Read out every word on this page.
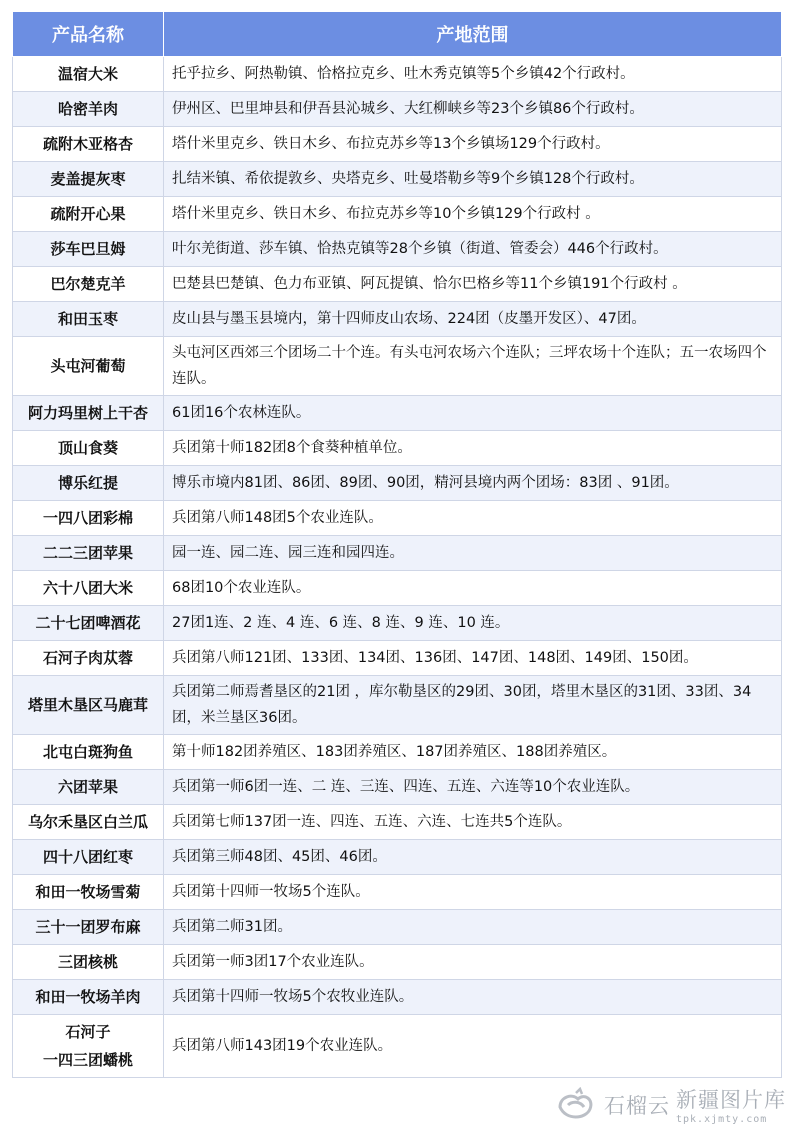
产品名称	产地范围
温宿大米	托乎拉乡、阿热勒镇、恰格拉克乡、吐木秀克镇等5个乡镇42个行政村。
哈密羊肉	伊州区、巴里坤县和伊吾县沁城乡、大红柳峡乡等23个乡镇86个行政村。
疏附木亚格杏	塔什米里克乡、铁日木乡、布拉克苏乡等13个乡镇场129个行政村。
麦盖提灰枣	扎结米镇、希依提敦乡、央塔克乡、吐曼塔勒乡等9个乡镇128个行政村。
疏附开心果	塔什米里克乡、铁日木乡、布拉克苏乡等10个乡镇129个行政村 。
莎车巴旦姆	叶尔羌街道、莎车镇、恰热克镇等28个乡镇（街道、管委会）446个行政村。
巴尔楚克羊	巴楚县巴楚镇、色力布亚镇、阿瓦提镇、恰尔巴格乡等11个乡镇191个行政村 。
和田玉枣	皮山县与墨玉县境内，第十四师皮山农场、224团（皮墨开发区）、47团。
头屯河葡萄	头屯河区西郊三个团场二十个连。有头屯河农场六个连队；三坪农场十个连队；五一农场四个连队。
阿力玛里树上干杏	61团16个农林连队。
顶山食葵	兵团第十师182团8个食葵种植单位。
博乐红提	博乐市境内81团、86团、89团、90团，精河县境内两个团场：83团 、91团。
一四八团彩棉	兵团第八师148团5个农业连队。
二二三团苹果	园一连、园二连、园三连和园四连。
六十八团大米	68团10个农业连队。
二十七团啤酒花	27团1连、2 连、4 连、6 连、8 连、9 连、10 连。
石河子肉苁蓉	兵团第八师121团、133团、134团、136团、147团、148团、149团、150团。
塔里木垦区马鹿茸	兵团第二师焉耆垦区的21团 ，库尔勒垦区的29团、30团，塔里木垦区的31团、33团、34团，米兰垦区36团。
北屯白斑狗鱼	第十师182团养殖区、183团养殖区、187团养殖区、188团养殖区。
六团苹果	兵团第一师6团一连、二 连、三连、四连、五连、六连等10个农业连队。
乌尔禾垦区白兰瓜	兵团第七师137团一连、四连、五连、六连、七连共5个连队。
四十八团红枣	兵团第三师48团、45团、46团。
和田一牧场雪菊	兵团第十四师一牧场5个连队。
三十一团罗布麻	兵团第二师31团。
三团核桃	兵团第一师3团17个农业连队。
和田一牧场羊肉	兵团第十四师一牧场5个农牧业连队。
石河子
一四三团蟠桃	兵团第八师143团19个农业连队。
石榴云 新疆图片库
tpk.xjmty.com
